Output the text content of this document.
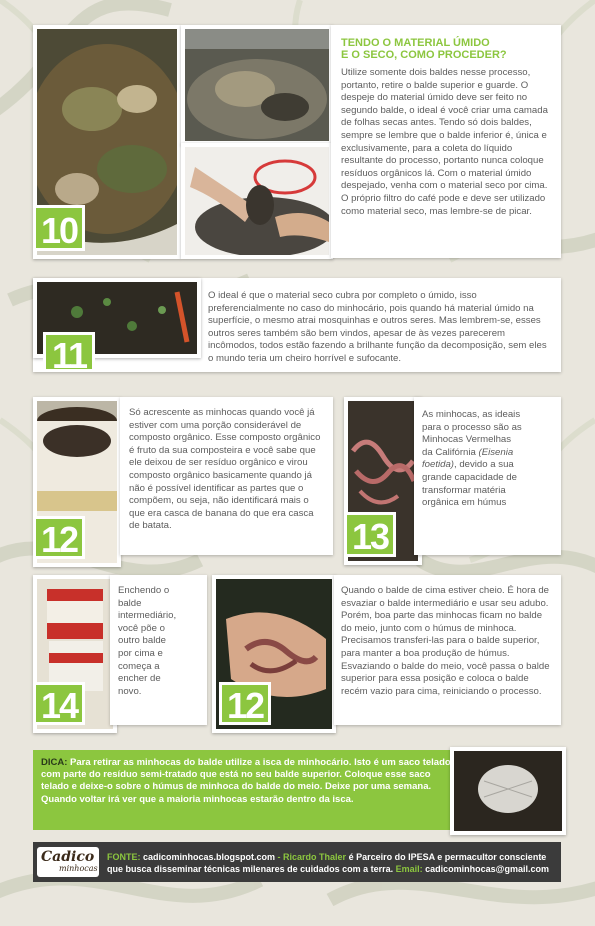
10
TENDO O MATERIAL ÚMIDO
E O SECO, COMO PROCEDER?
Utilize somente dois baldes nesse processo, portanto, retire o balde superior e guarde. O despeje do material úmido deve ser feito no segundo balde, o ideal é você criar uma camada de folhas secas antes. Tendo só dois baldes, sempre se lembre que o balde inferior é, única e exclusivamente, para a coleta do líquido resultante do processo, portanto nunca coloque resíduos orgânicos lá. Com o material úmido despejado, venha com o material seco por cima. O próprio filtro do café pode e deve ser utilizado como material seco, mas lembre-se de picar.
O ideal é que o material seco cubra por completo o úmido, isso preferencialmente no caso do minhocário, pois quando há material úmido na superfície, o mesmo atrai mosquinhas e outros seres. Mas lembrem-se, esses outros seres também são bem vindos, apesar de às vezes parecerem incômodos, todos estão fazendo a brilhante função da decomposição, sem eles o mundo teria um cheiro horrível e sufocante.
11
12
Só acrescente as minhocas quando você já estiver com uma porção considerável de composto orgânico. Esse composto orgânico é fruto da sua composteira e você sabe que ele deixou de ser resíduo orgânico e virou composto orgânico basicamente quando já não é possível identificar as partes que o compõem, ou seja, não identificará mais o que era casca de banana do que era casca de batata.	13
As minhocas, as ideais para o processo são as Minhocas Vermelhas da Califórnia (Eisenia foetida), devido a sua grande capacidade de transformar matéria orgânica em húmus
14
Enchendo o balde intermediário, você põe o outro balde por cima e começa a encher de novo.	12
Quando o balde de cima estiver cheio. É hora de esvaziar o balde intermediário e usar seu adubo. Porém, boa parte das minhocas ficam no balde do meio, junto com o húmus de minhoca. Precisamos transferi-las para o balde superior, para manter a boa produção de húmus. Esvaziando o balde do meio, você passa o balde superior para essa posição e coloca o balde recém vazio para cima, reiniciando o processo.
DICA: Para retirar as minhocas do balde utilize a isca de minhocário. Isto é um saco telado com parte do resíduo semi-tratado que está no seu balde superior. Coloque esse saco telado e deixe-o sobre o húmus de minhoca do balde do meio. Deixe por uma semana. Quando voltar irá ver que a maioria minhocas estarão dentro da isca.
Cadico
minhocas
FONTE: cadicominhocas.blogspot.com - Ricardo Thaler é Parceiro do IPESA e permacultor consciente que busca disseminar técnicas milenares de cuidados com a terra. Email: cadicominhocas@gmail.com
